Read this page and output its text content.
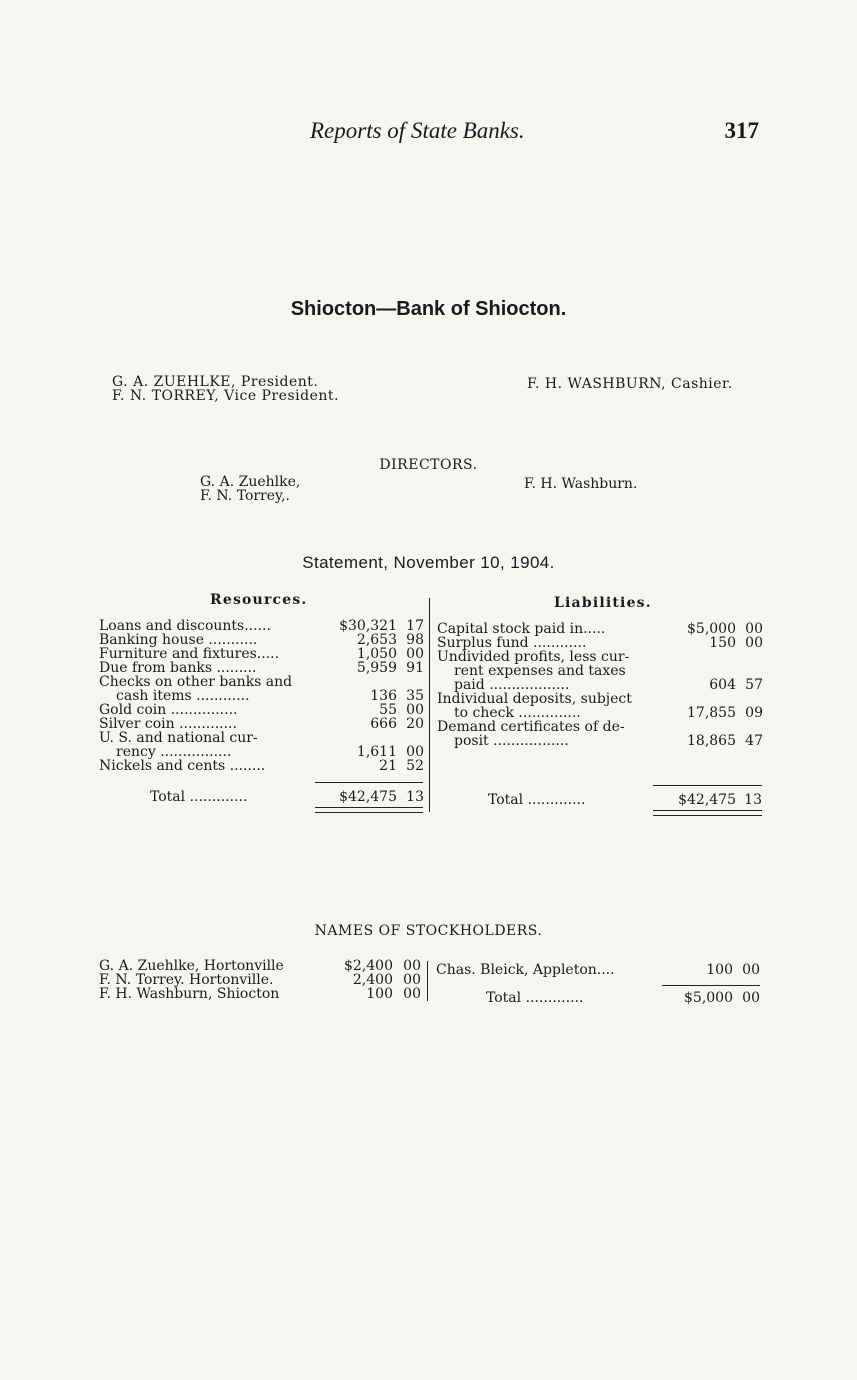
Reports of State Banks.	317
Shiocton—Bank of Shiocton.
G. A. ZUEHLKE, President.
F. N. TORREY, Vice President.
F. H. WASHBURN, Cashier.
DIRECTORS.
G. A. Zuehlke,
F. N. Torrey,.
F. H. Washburn.
Statement, November 10, 1904.
Resources.	Liabilities.
Loans and discounts......	$30,321 17
Banking house ...........	2,653 98
Furniture and fixtures.....	1,050 00
Due from banks .........	5,959 91
Checks on other banks and
cash items ............	136 35
Gold coin ...............	55 00
Silver coin .............	666 20
U. S. and national cur-
rency ................	1,611 00
Nickels and cents ........	21 52
Capital stock paid in.....	$5,000 00
Surplus fund ............	150 00
Undivided profits, less cur-
rent expenses and taxes
paid ..................	604 57
Individual deposits, subject
to check ..............	17,855 09
Demand certificates of de-
posit .................	18,865 47
Total .............	$42,475 13	Total .............	$42,475 13
NAMES OF STOCKHOLDERS.
G. A. Zuehlke, Hortonville	$2,400 00
F. N. Torrey. Hortonville.	2,400 00
F. H. Washburn, Shiocton	100 00
Chas. Bleick, Appleton....	100 00
Total .............	$5,000 00
